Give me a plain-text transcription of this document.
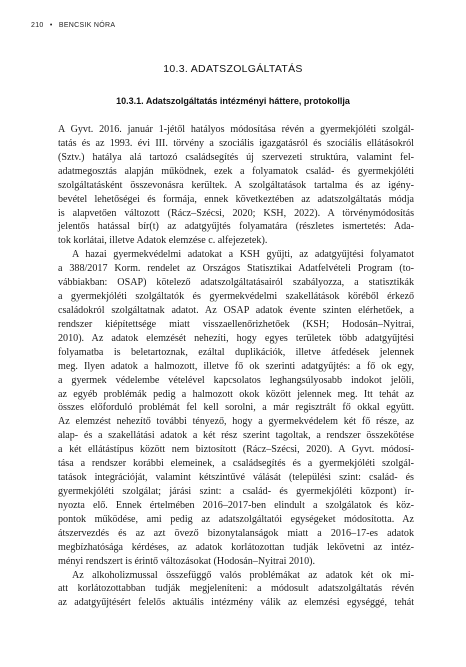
210 • BENCSIK NÓRA
10.3. ADATSZOLGÁLTATÁS
10.3.1. Adatszolgáltatás intézményi háttere, protokollja
A Gyvt. 2016. január 1-jétől hatályos módosítása révén a gyermekjóléti szolgál-
tatás és az 1993. évi III. törvény a szociális igazgatásról és szociális ellátásokról
(Sztv.) hatálya alá tartozó családsegítés új szervezeti struktúra, valamint fel-
adatmegosztás alapján működnek, ezek a folyamatok család- és gyermekjóléti
szolgáltatásként összevonásra kerültek. A szolgáltatások tartalma és az igény-
bevétel lehetőségei és formája, ennek következtében az adatszolgáltatás módja
is alapvetően változott (Rácz–Szécsi, 2020; KSH, 2022). A törvénymódosítás
jelentős hatással bír(t) az adatgyűjtés folyamatára (részletes ismertetés: Ada-
tok korlátai, illetve Adatok elemzése c. alfejezetek).
A hazai gyermekvédelmi adatokat a KSH gyűjti, az adatgyűjtési folyamatot
a 388/2017 Korm. rendelet az Országos Statisztikai Adatfelvételi Program (to-
vábbiakban: OSAP) kötelező adatszolgáltatásairól szabályozza, a statisztikák
a gyermekjóléti szolgáltatók és gyermekvédelmi szakellátások köréből érkező
családokról szolgáltatnak adatot. Az OSAP adatok évente szinten elérhetőek, a
rendszer kiépítettsége miatt visszaellenőrizhetőek (KSH; Hodosán–Nyitrai,
2010). Az adatok elemzését nehezíti, hogy egyes területek több adatgyűjtési
folyamatba is beletartoznak, ezáltal duplikációk, illetve átfedések jelennek
meg. Ilyen adatok a halmozott, illetve fő ok szerinti adatgyűjtés: a fő ok egy,
a gyermek védelembe vételével kapcsolatos leghangsúlyosabb indokot jelöli,
az egyéb problémák pedig a halmozott okok között jelennek meg. Itt tehát az
összes előforduló problémát fel kell sorolni, a már regisztrált fő okkal együtt.
Az elemzést nehezítő további tényező, hogy a gyermekvédelem két fő része, az
alap- és a szakellátási adatok a két rész szerint tagoltak, a rendszer összekötése
a két ellátástípus között nem biztosított (Rácz–Szécsi, 2020). A Gyvt. módosí-
tása a rendszer korábbi elemeinek, a családsegítés és a gyermekjóléti szolgál-
tatások integrációját, valamint kétszintűvé válását (települési szint: család- és
gyermekjóléti szolgálat; járási szint: a család- és gyermekjóléti központ) ír-
nyozta elő. Ennek értelmében 2016–2017-ben elindult a szolgálatok és köz-
pontok működése, ami pedig az adatszolgáltatói egységeket módosította. Az
átszervezdés és az azt övező bizonytalanságok miatt a 2016–17-es adatok
megbízhatósága kérdéses, az adatok korlátozottan tudják lekövetni az intéz-
ményi rendszert is érintő változásokat (Hodosán–Nyitrai 2010).
Az alkoholizmussal összefüggő valós problémákat az adatok két ok mi-
att korlátozottabban tudják megjeleníteni: a módosult adatszolgáltatás révén
az adatgyűjtésért felelős aktuális intézmény válik az elemzési egységgé, tehát
